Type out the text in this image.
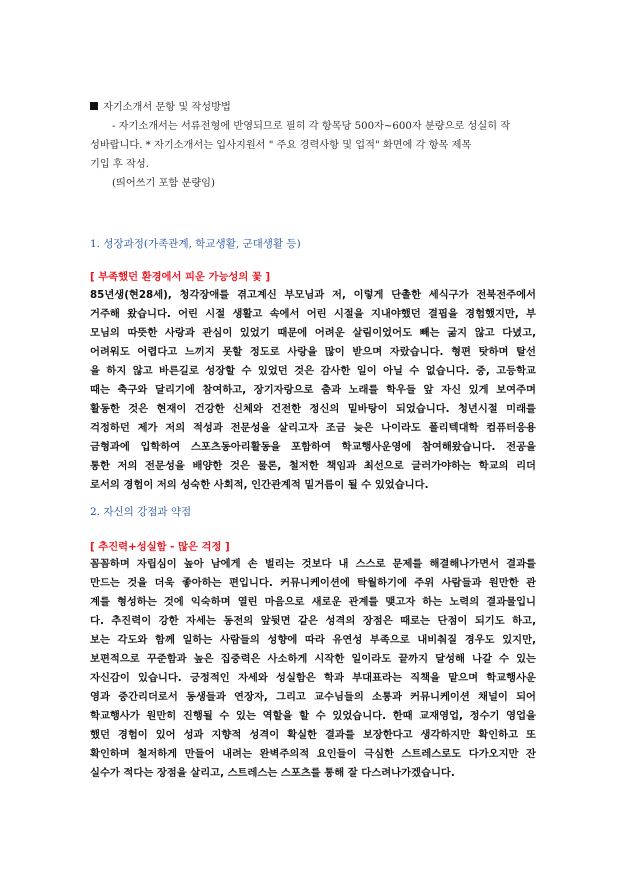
자기소개서 문항 및 작성방법
- 자기소개서는 서류전형에 반영되므로 필히 각 항목당 500자~600자 분량으로 성실히 작
성바랍니다. * 자기소개서는 입사지원서 " 주요 경력사항 및 업적" 화면에 각 항목 제목
기입 후 작성.
(띄어쓰기 포함 분량임)
1. 성장과정(가족관계, 학교생활, 군대생활 등)
[ 부족했던 환경에서 피운 가능성의 꽃 ]
85년생(현28세), 청각장애를 겪고계신 부모님과 저, 이렇게 단촐한 세식구가 전북전주에서
거주해 왔습니다. 어린 시절 생활고 속에서 어린 시절을 지내야했던 결핍을 경험했지만, 부
모님의 따뜻한 사랑과 관심이 있었기 때문에 어려운 살림이었어도 빼는 굶지 않고 다녔고,
어려워도 어렵다고 느끼지 못할 정도로 사랑을 많이 받으며 자랐습니다. 형편 탓하며 탈선
을 하지 않고 바른길로 성장할 수 있었던 것은 감사한 일이 아닐 수 없습니다. 중, 고등학교
때는 축구와 달리기에 참여하고, 장기자랑으로 춤과 노래를 학우들 앞 자신 있게 보여주며
활동한 것은 현재이 건강한 신체와 건전한 정신의 밑바탕이 되었습니다. 청년시절 미래를
걱정하던 제가 저의 적성과 전문성을 살리고자 조금 늦은 나이라도 폴리텍대학 컴퓨터응용
금형과에 입학하여 스포츠동아리활동을 포함하여 학교행사운영에 참여해왔습니다. 전공을
통한 저의 전문성을 배양한 것은 물론, 철저한 책임과 최선으로 글러가야하는 학교의 리더
로서의 경험이 저의 성숙한 사회적, 인간관계적 밑거름이 될 수 있었습니다.
2. 자신의 강점과 약점
[ 추진력+성실함 - 많은 걱정 ]
꼼꼼하며 자립심이 높아 남에게 손 벌리는 것보다 내 스스로 문제를 해결해나가면서 결과를
만드는 것을 더욱 좋아하는 편입니다. 커뮤니케이션에 탁월하기에 주위 사람들과 원만한 관
계를 형성하는 것에 익숙하며 열린 마음으로 새로운 관계를 맺고자 하는 노력의 결과물입니
다. 추진력이 강한 자세는 동전의 앞뒷면 같은 성격의 장점은 때로는 단점이 되기도 하고,
보는 각도와 함께 일하는 사람들의 성향에 따라 유연성 부족으로 내비춰질 경우도 있지만,
보편적으로 꾸준함과 높은 집중력은 사소하게 시작한 일이라도 끝까지 달성해 나갈 수 있는
자신감이 있습니다. 긍정적인 자세와 성실함은 학과 부대표라는 직책을 맡으며 학교행사운
영과 중간리더로서 동생들과 연장자, 그리고 교수님들의 소통과 커뮤니케이션 채널이 되어
학교행사가 원만히 진행될 수 있는 역할을 할 수 있었습니다. 한때 교재영업, 정수기 영업을
했던 경험이 있어 성과 지향적 성격이 확실한 결과를 보장한다고 생각하지만 확인하고 또
확인하며 철저하게 만들어 내려는 완벽주의적 요인들이 극심한 스트레스로도 다가오지만 잔
실수가 적다는 장점을 살리고, 스트레스는 스포츠를 통해 잘 다스려나가겠습니다.
